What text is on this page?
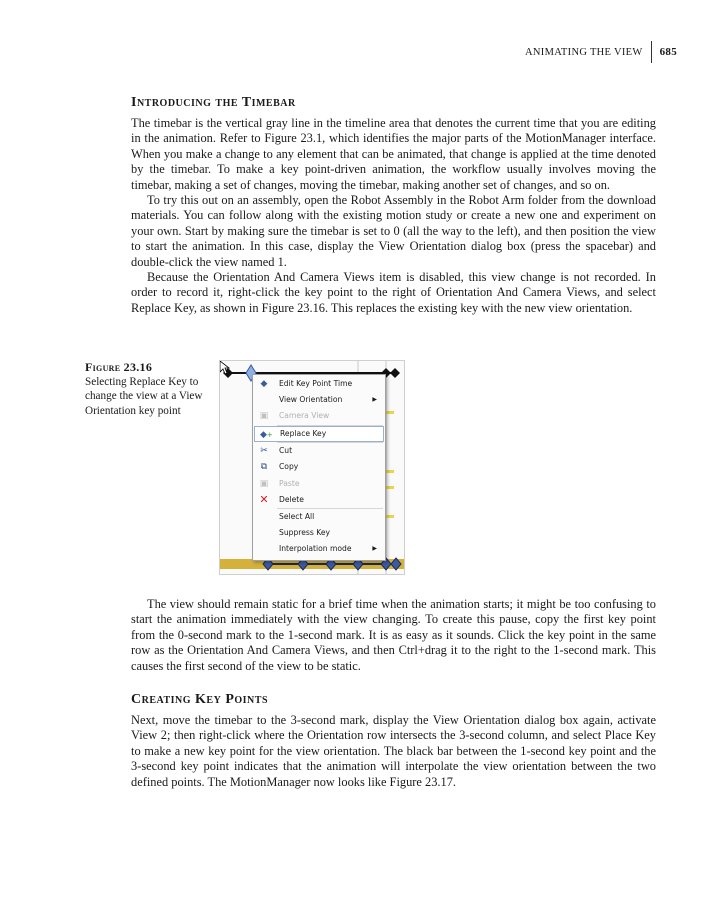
ANIMATING THE VIEW	685
Introducing the Timebar

The timebar is the vertical gray line in the timeline area that denotes the current time that you are editing in the animation. Refer to Figure 23.1, which identifies the major parts of the MotionManager interface. When you make a change to any element that can be animated, that change is applied at the time denoted by the timebar. To make a key point-driven animation, the workflow usually involves moving the timebar, making a set of changes, moving the timebar, making another set of changes, and so on.

To try this out on an assembly, open the Robot Assembly in the Robot Arm folder from the download materials. You can follow along with the existing motion study or create a new one and experiment on your own. Start by making sure the timebar is set to 0 (all the way to the left), and then position the view to start the animation. In this case, display the View Orientation dialog box (press the spacebar) and double-click the view named 1.

Because the Orientation And Camera Views item is disabled, this view change is not recorded. In order to record it, right-click the key point to the right of Orientation And Camera Views, and select Replace Key, as shown in Figure 23.16. This replaces the existing key with the new view orientation.

Figure 23.16
Selecting Replace Key to change the view at a View Orientation key point
◆	Edit Key Point Time
View Orientation	▶
▣ Camera View
◆+ Replace Key
✂ Cut
⧉	Copy
▣ Paste
✕ Delete
Select All
Suppress Key
Interpolation mode	▶

The view should remain static for a brief time when the animation starts; it might be too confusing to start the animation immediately with the view changing. To create this pause, copy the first key point from the 0-second mark to the 1-second mark. It is as easy as it sounds. Click the key point in the same row as the Orientation And Camera Views, and then Ctrl+drag it to the right to the 1-second mark. This causes the first second of the view to be static.

Creating Key Points

Next, move the timebar to the 3-second mark, display the View Orientation dialog box again, activate View 2; then right-click where the Orientation row intersects the 3-second column, and select Place Key to make a new key point for the view orientation. The black bar between the 1-second key point and the 3-second key point indicates that the animation will interpolate the view orientation between the two defined points. The MotionManager now looks like Figure 23.17.
